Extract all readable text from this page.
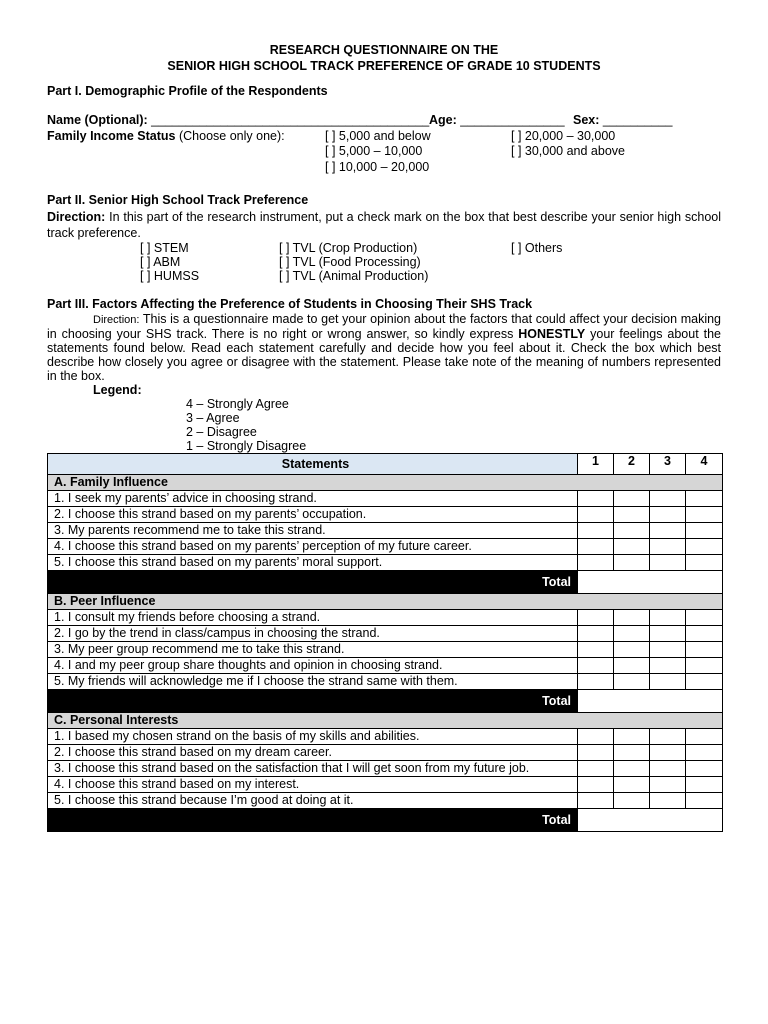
RESEARCH QUESTIONNAIRE ON THE
SENIOR HIGH SCHOOL TRACK PREFERENCE OF GRADE 10 STUDENTS
Part I. Demographic Profile of the Respondents
Name (Optional): ________________________________________ Age: _______________ Sex: __________
Family Income Status (Choose only one):	[ ] 5,000 and below
[ ] 5,000 – 10,000
[ ] 10,000 – 20,000
[ ] 20,000 – 30,000
[ ] 30,000 and above
Part II. Senior High School Track Preference
Direction: In this part of the research instrument, put a check mark on the box that best describe your senior high school track preference.
[ ] STEM
[ ] ABM
[ ] HUMSS
[ ] TVL (Crop Production)
[ ] TVL (Food Processing)
[ ] TVL (Animal Production)
[ ] Others
Part III. Factors Affecting the Preference of Students in Choosing Their SHS Track
Direction: This is a questionnaire made to get your opinion about the factors that could affect your decision making in choosing your SHS track. There is no right or wrong answer, so kindly express HONESTLY your feelings about the statements found below. Read each statement carefully and decide how you feel about it. Check the box which best describe how closely you agree or disagree with the statement. Please take note of the meaning of numbers represented in the box.
Legend:
4 – Strongly Agree
3 – Agree
2 – Disagree
1 – Strongly Disagree
Statements	1	2	3	4
A. Family Influence				
1. I seek my parents’ advice in choosing strand.				
2. I choose this strand based on my parents’ occupation.				
3. My parents recommend me to take this strand.				
4. I choose this strand based on my parents’ perception of my future career.				
5. I choose this strand based on my parents’ moral support.				
Total				
B. Peer Influence				
1. I consult my friends before choosing a strand.				
2. I go by the trend in class/campus in choosing the strand.				
3. My peer group recommend me to take this strand.				
4. I and my peer group share thoughts and opinion in choosing strand.				
5. My friends will acknowledge me if I choose the strand same with them.				
Total				
C. Personal Interests				
1. I based my chosen strand on the basis of my skills and abilities.				
2. I choose this strand based on my dream career.				
3. I choose this strand based on the satisfaction that I will get soon from my future job.				
4. I choose this strand based on my interest.				
5. I choose this strand because I’m good at doing at it.				
Total				
